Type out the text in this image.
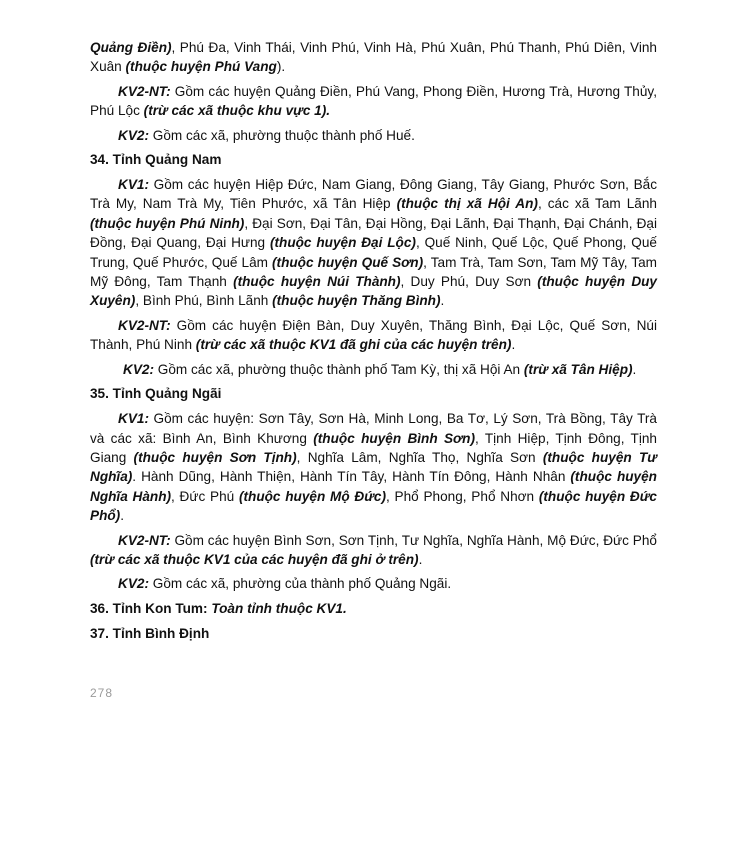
Quảng Điền), Phú Đa, Vinh Thái, Vinh Phú, Vinh Hà, Phú Xuân, Phú Thanh, Phú Diên, Vinh Xuân (thuộc huyện Phú Vang).
KV2-NT: Gồm các huyện Quảng Điền, Phú Vang, Phong Điền, Hương Trà, Hương Thủy, Phú Lộc (trừ các xã thuộc khu vực 1).
KV2: Gồm các xã, phường thuộc thành phố Huế.
34. Tỉnh Quảng Nam
KV1: Gồm các huyện Hiệp Đức, Nam Giang, Đông Giang, Tây Giang, Phước Sơn, Bắc Trà My, Nam Trà My, Tiên Phước, xã Tân Hiệp (thuộc thị xã Hội An), các xã Tam Lãnh (thuộc huyện Phú Ninh), Đại Sơn, Đại Tân, Đại Hồng, Đại Lãnh, Đại Thạnh, Đại Chánh, Đại Đồng, Đại Quang, Đại Hưng (thuộc huyện Đại Lộc), Quế Ninh, Quế Lộc, Quế Phong, Quế Trung, Quế Phước, Quế Lâm (thuộc huyện Quế Sơn), Tam Trà, Tam Sơn, Tam Mỹ Tây, Tam Mỹ Đông, Tam Thạnh (thuộc huyện Núi Thành), Duy Phú, Duy Sơn (thuộc huyện Duy Xuyên), Bình Phú, Bình Lãnh (thuộc huyện Thăng Bình).
KV2-NT: Gồm các huyện Điện Bàn, Duy Xuyên, Thăng Bình, Đại Lộc, Quế Sơn, Núi Thành, Phú Ninh (trừ các xã thuộc KV1 đã ghi của các huyện trên).
KV2: Gồm các xã, phường thuộc thành phố Tam Kỳ, thị xã Hội An (trừ xã Tân Hiệp).
35. Tỉnh Quảng Ngãi
KV1: Gồm các huyện: Sơn Tây, Sơn Hà, Minh Long, Ba Tơ, Lý Sơn, Trà Bồng, Tây Trà và các xã: Bình An, Bình Khương (thuộc huyện Bình Sơn), Tịnh Hiệp, Tịnh Đông, Tịnh Giang (thuộc huyện Sơn Tịnh), Nghĩa Lâm, Nghĩa Thọ, Nghĩa Sơn (thuộc huyện Tư Nghĩa). Hành Dũng, Hành Thiện, Hành Tín Tây, Hành Tín Đông, Hành Nhân (thuộc huyện Nghĩa Hành), Đức Phú (thuộc huyện Mộ Đức), Phổ Phong, Phổ Nhơn (thuộc huyện Đức Phổ).
KV2-NT: Gồm các huyện Bình Sơn, Sơn Tịnh, Tư Nghĩa, Nghĩa Hành, Mộ Đức, Đức Phổ (trừ các xã thuộc KV1 của các huyện đã ghi ở trên).
KV2: Gồm các xã, phường của thành phố Quảng Ngãi.
36. Tỉnh Kon Tum: Toàn tỉnh thuộc KV1.
37. Tỉnh Bình Định
278
